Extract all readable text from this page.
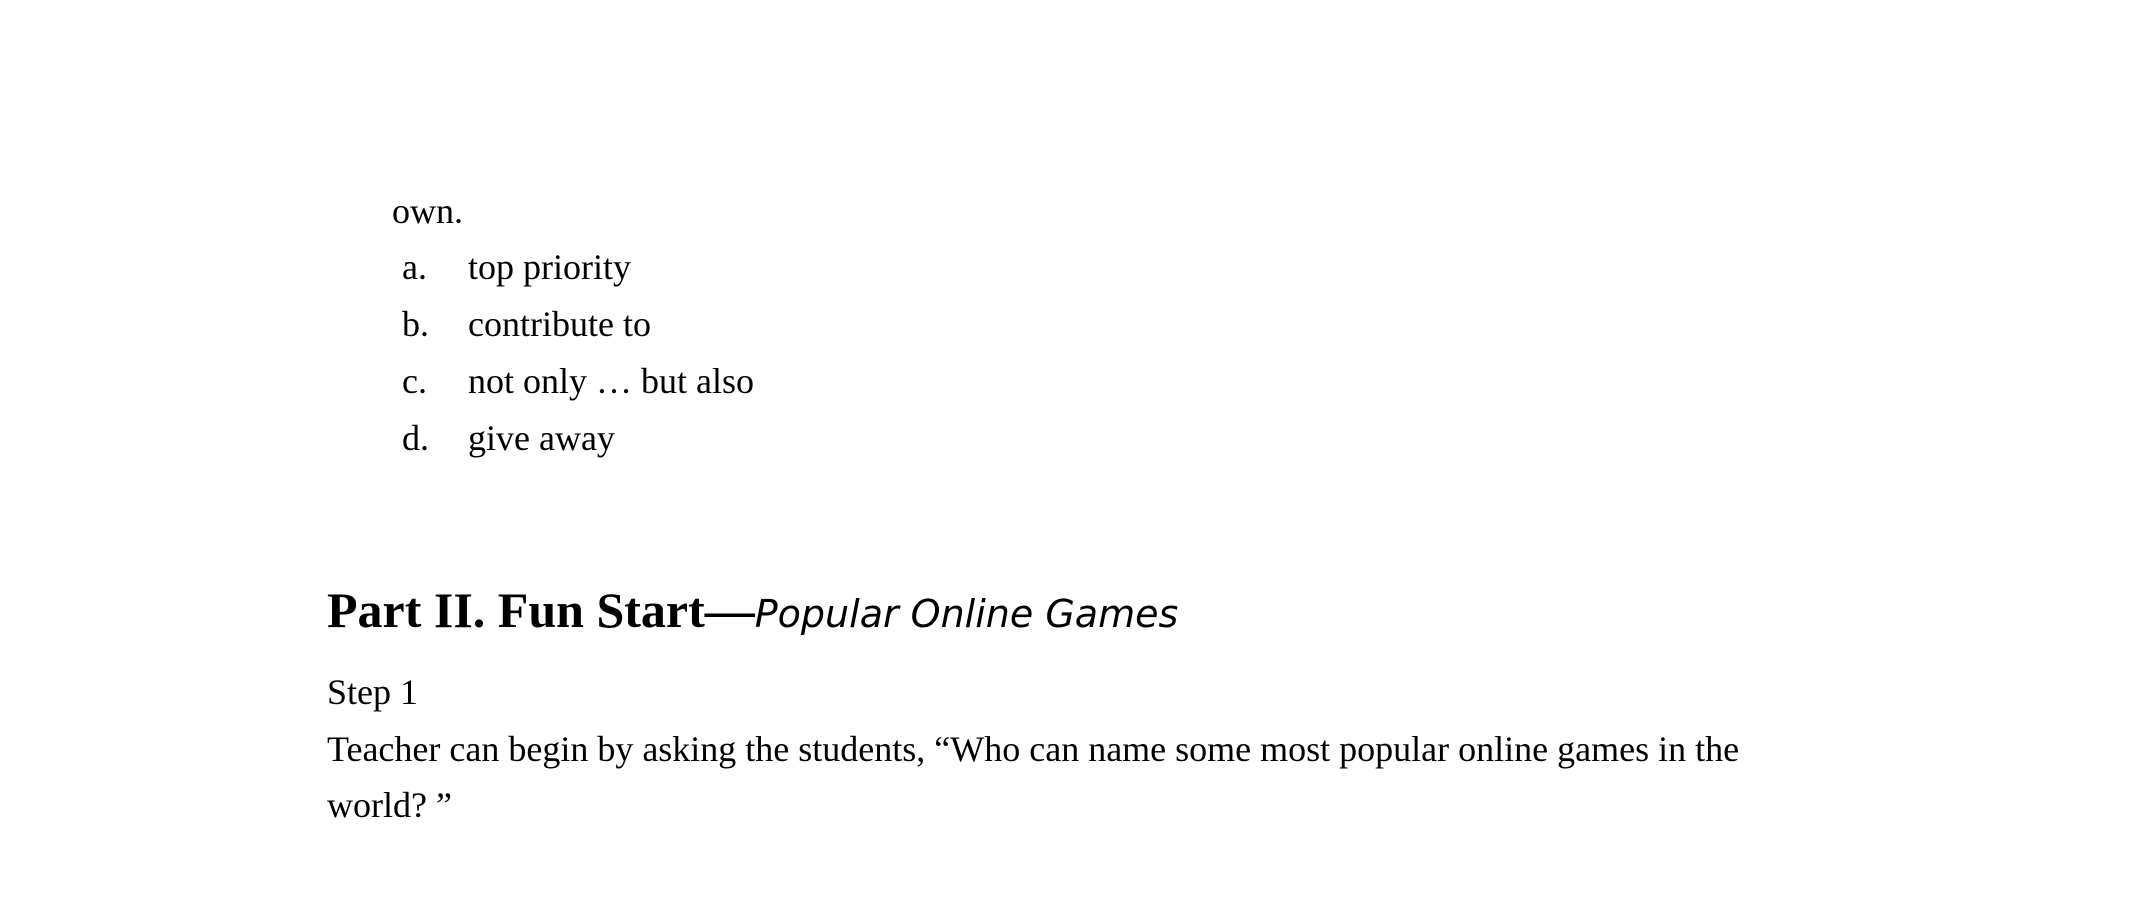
own.
a. top priority
b. contribute to
c. not only … but also
d. give away
Part II. Fun Start—Popular Online Games
Step 1
Teacher can begin by asking the students, “Who can name some most popular online games in the
world? ”
